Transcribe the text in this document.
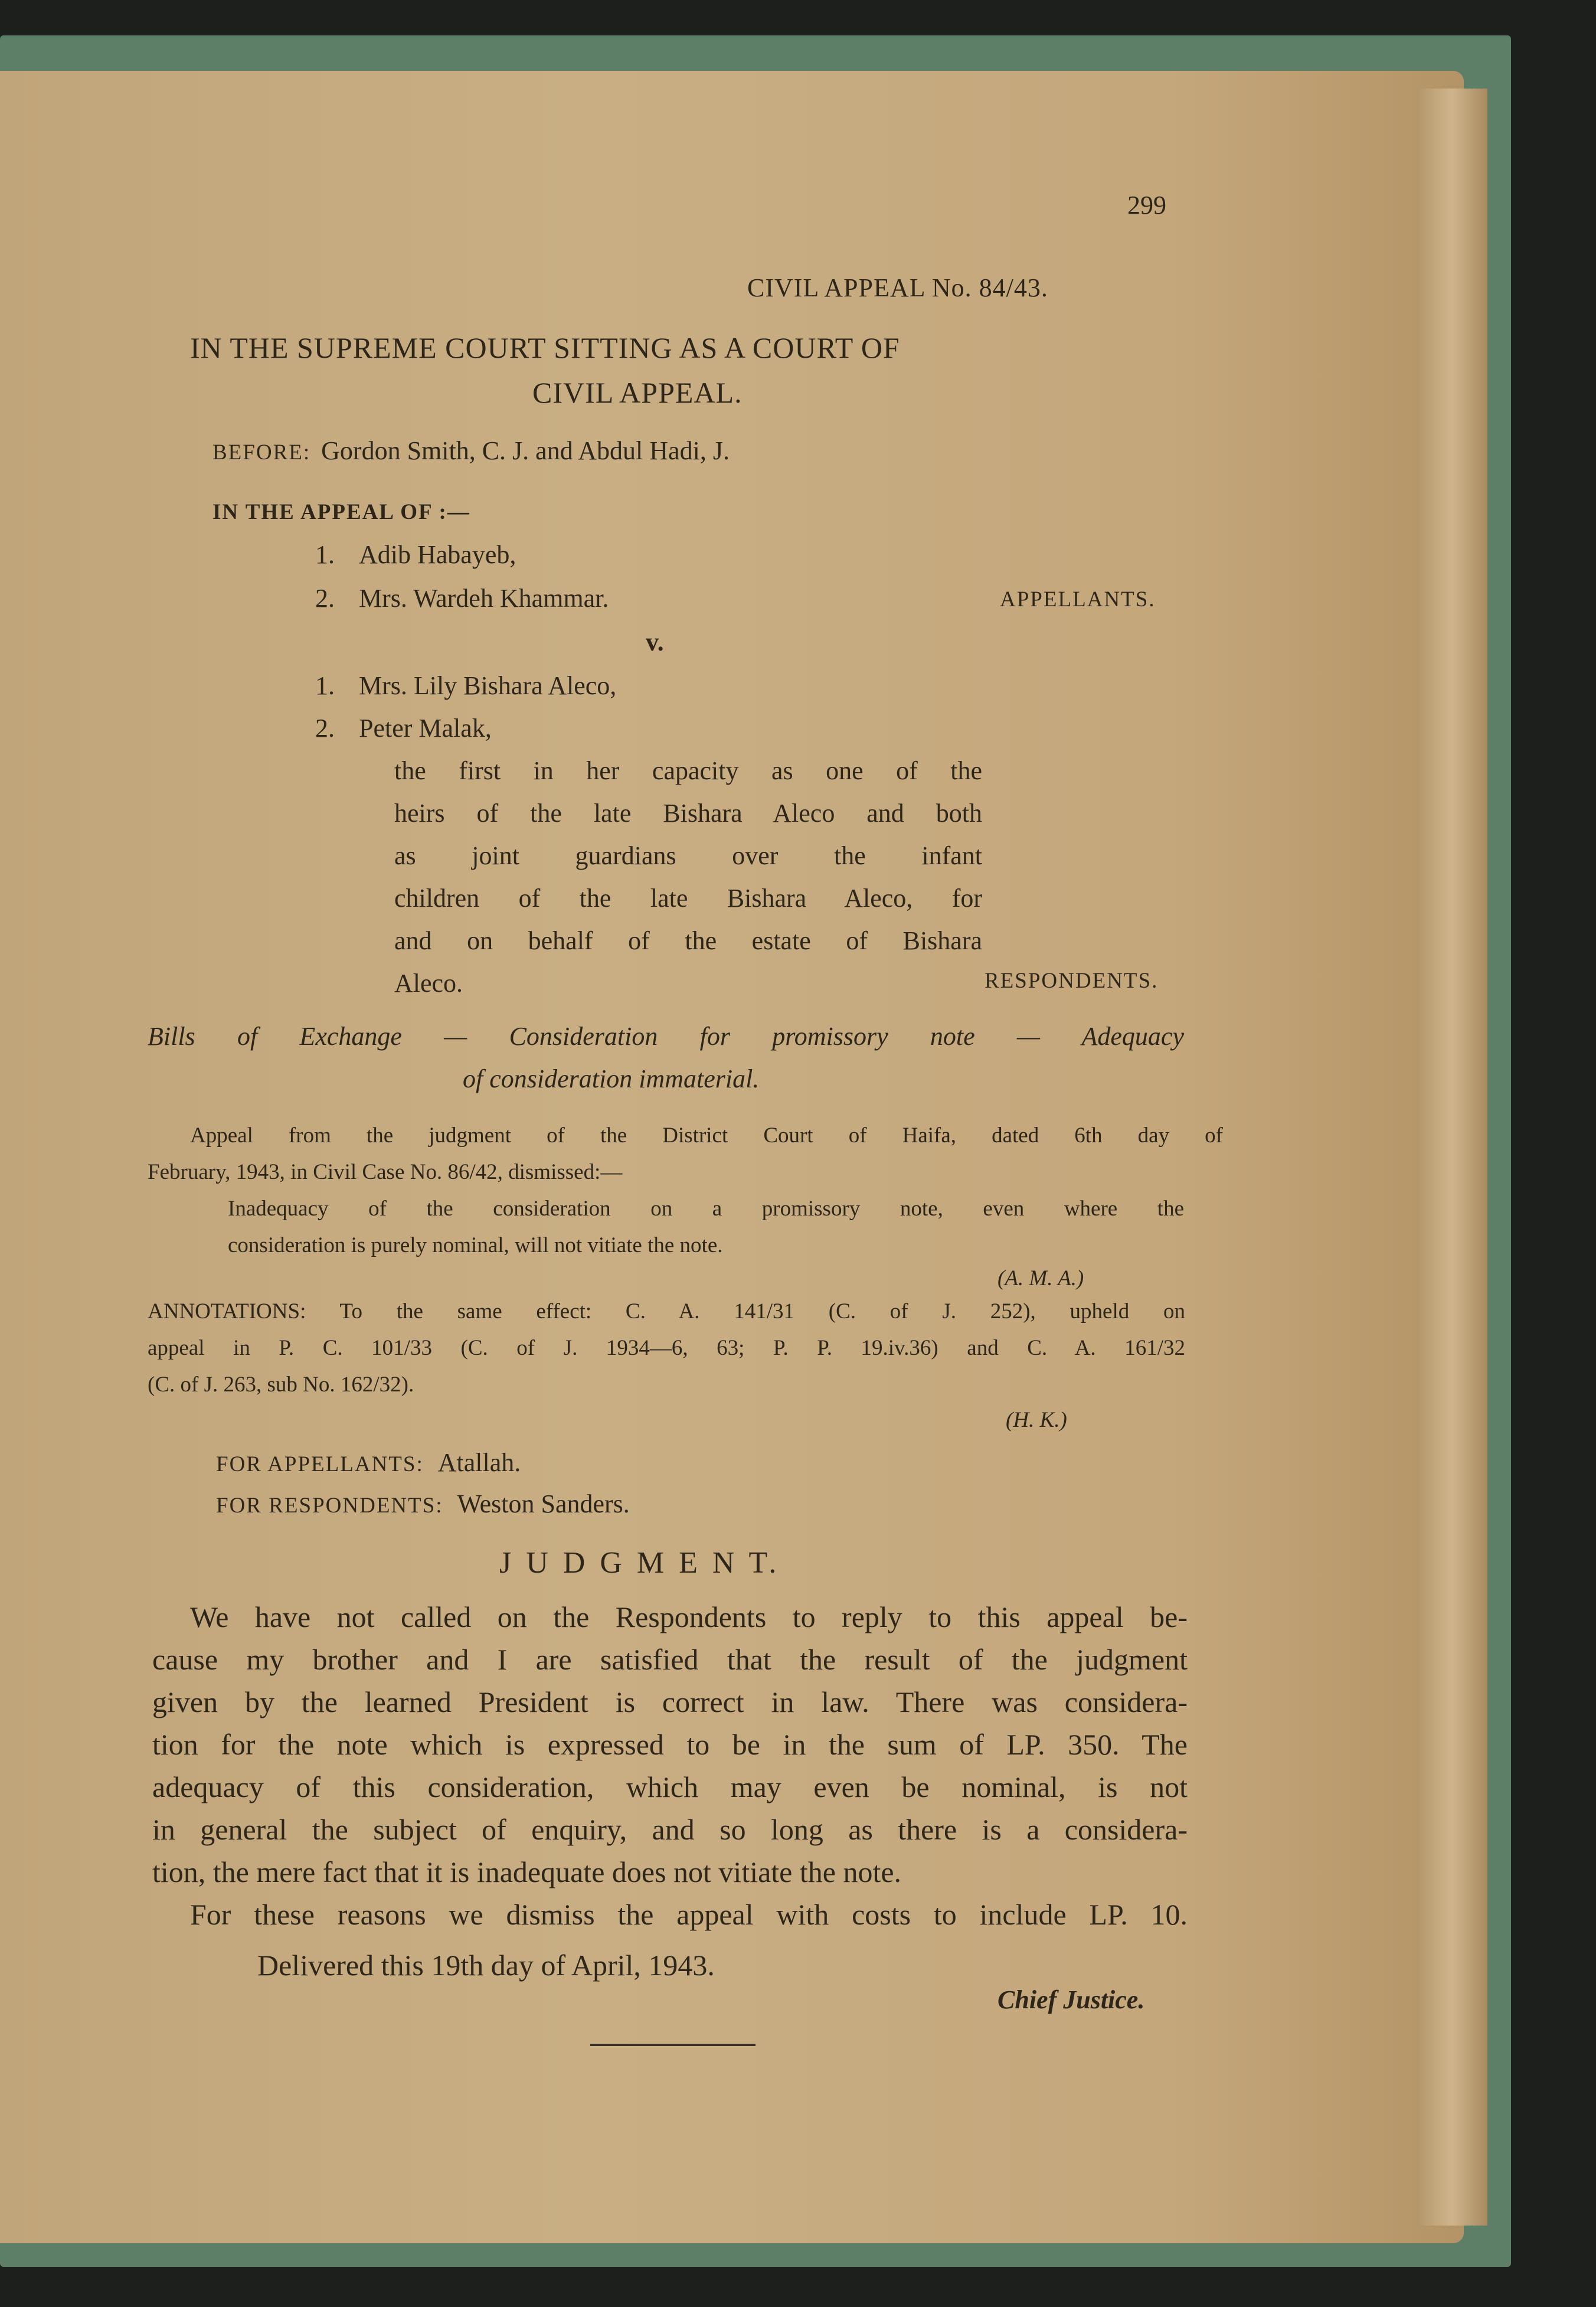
299
CIVIL APPEAL No. 84/43.
IN THE SUPREME COURT SITTING AS A COURT OF
CIVIL APPEAL.
BEFORE: Gordon Smith, C. J. and Abdul Hadi, J.
IN THE APPEAL OF :—
1. Adib Habayeb,
2. Mrs. Wardeh Khammar.	APPELLANTS.
v.
1. Mrs. Lily Bishara Aleco,
2. Peter Malak,
the first in her capacity as one of the
heirs of the late Bishara Aleco and both
as joint guardians over the infant
children of the late Bishara Aleco, for
and on behalf of the estate of Bishara
Aleco.	RESPONDENTS.
Bills of Exchange — Consideration for promissory note — Adequacy
of consideration immaterial.
Appeal from the judgment of the District Court of Haifa, dated 6th day of
February, 1943, in Civil Case No. 86/42, dismissed:—
Inadequacy of the consideration on a promissory note, even where the
consideration is purely nominal, will not vitiate the note.
(A. M. A.)
ANNOTATIONS: To the same effect: C. A. 141/31 (C. of J. 252), upheld on
appeal in P. C. 101/33 (C. of J. 1934—6, 63; P. P. 19.iv.36) and C. A. 161/32
(C. of J. 263, sub No. 162/32).
(H. K.)
FOR APPELLANTS: Atallah.
FOR RESPONDENTS: Weston Sanders.
J U D G M E N T.
We have not called on the Respondents to reply to this appeal be-
cause my brother and I are satisfied that the result of the judgment
given by the learned President is correct in law. There was considera-
tion for the note which is expressed to be in the sum of LP. 350. The
adequacy of this consideration, which may even be nominal, is not
in general the subject of enquiry, and so long as there is a considera-
tion, the mere fact that it is inadequate does not vitiate the note.
For these reasons we dismiss the appeal with costs to include LP. 10.
Delivered this 19th day of April, 1943.
Chief Justice.
